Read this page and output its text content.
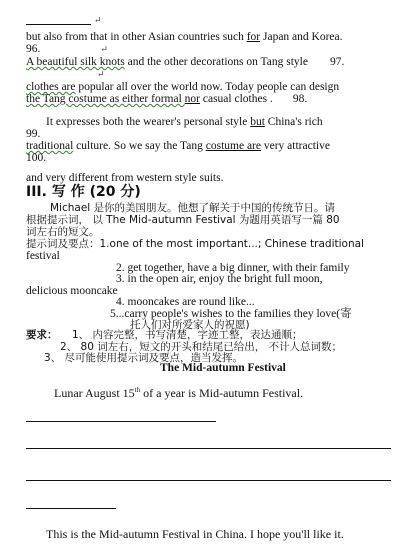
↵
but also from that in other Asian countries such for Japan and Korea.
96.	↵
A beautiful silk knots and the other decorations on Tang style 97.
↵
clothes are popular all over the world now. Today people can design
the Tang costume as either formal nor casual clothes . 98.
It expresses both the wearer's personal style but China's rich
99.
traditional culture. So we say the Tang costume are very attractive
100.
and very different from western style suits.
III. 写 作 (20 分)
Michael 是你的美国朋友。他想了解关于中国的传统节日。请
根据提示词， 以 The Mid-autumn Festival 为题用英语写一篇 80
词左右的短文。
提示词及要点：1.one of the most important...; Chinese traditional
festival
2. get together, have a big dinner, with their family
3. in the open air, enjoy the bright full moon,
delicious mooncake
4. mooncakes are round like...
5...carry people's wishes to the families they love(寄
托人们对所爱家人的祝愿)
要求： 1、 内容完整，书写清楚，字迹工整，表达通顺；
2、 80 词左右，短文的开头和结尾已给出， 不计人总词数；
3、 尽可能使用提示词及要点，造当发挥。
The Mid-autumn Festival
Lunar August 15th of a year is Mid-autumn Festival.
This is the Mid-autumn Festival in China. I hope you'll like it.
